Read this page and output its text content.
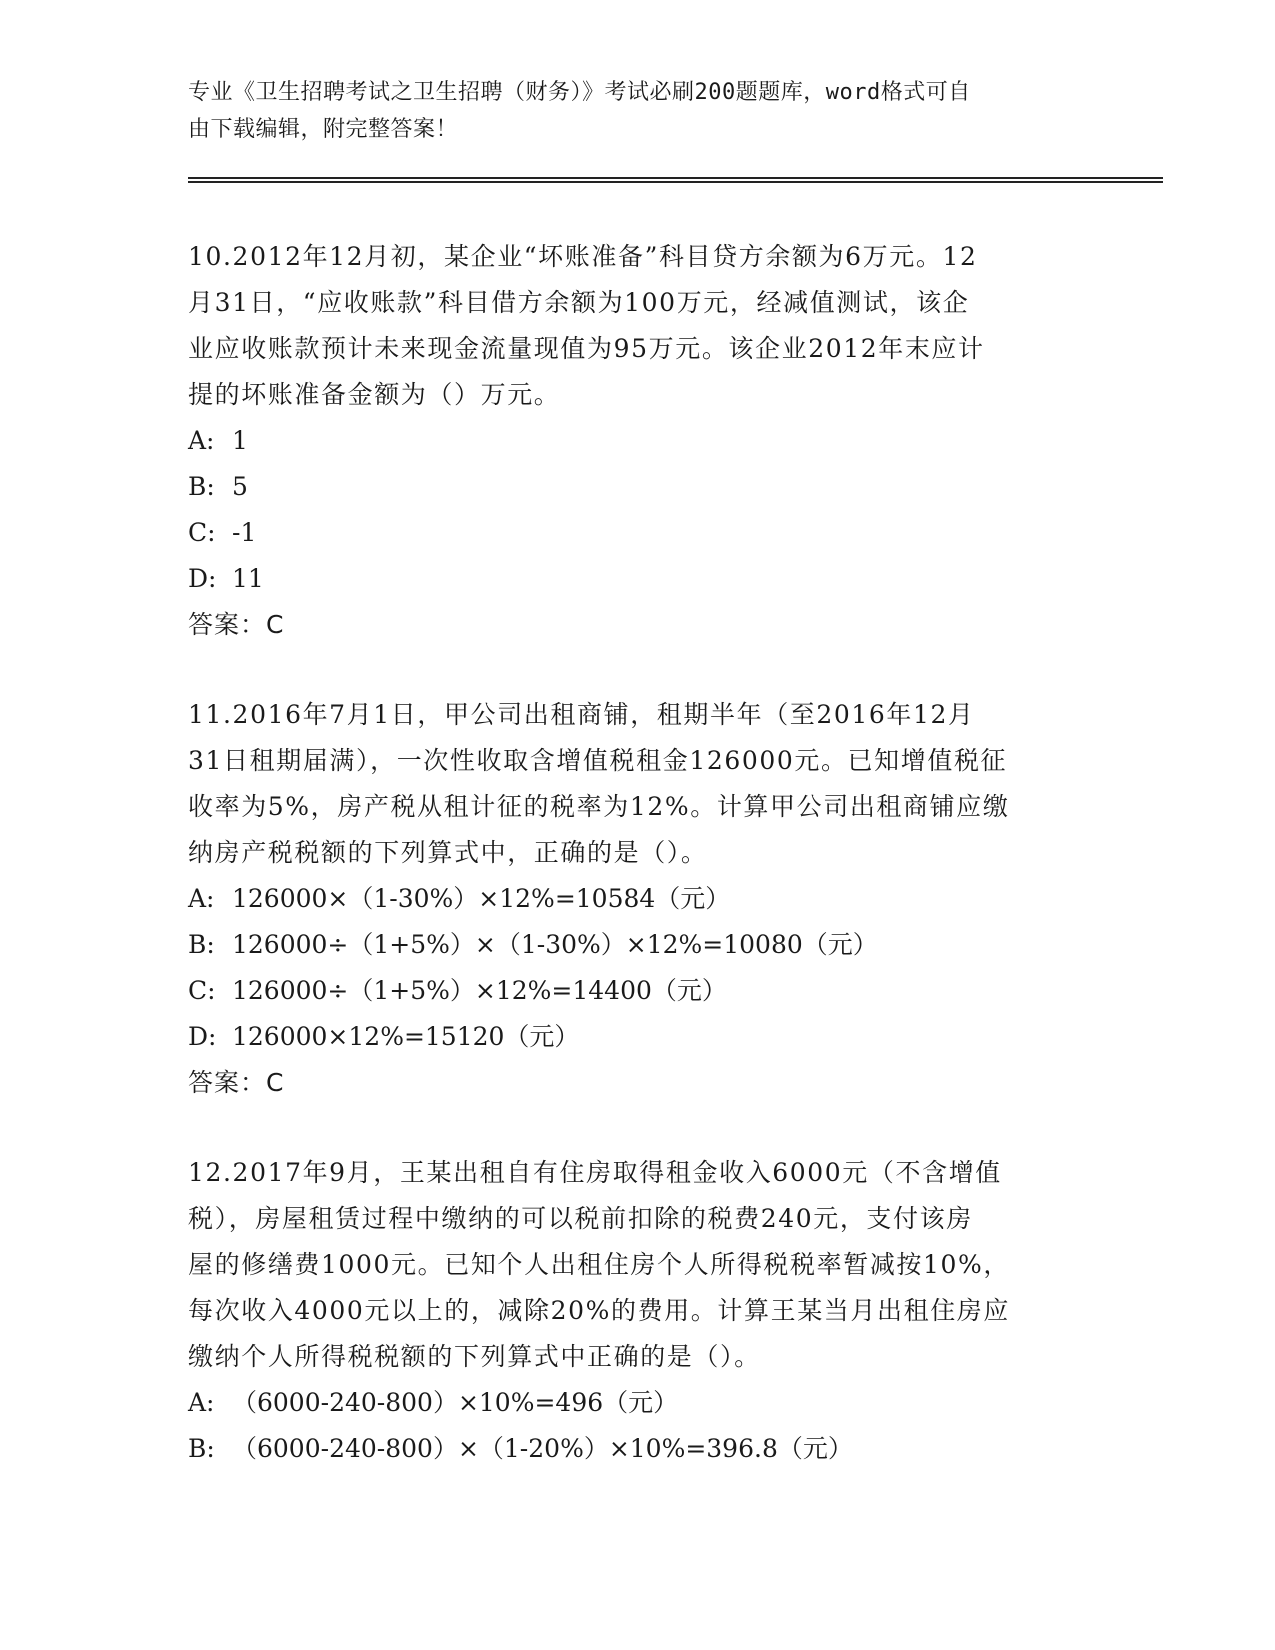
专业《卫生招聘考试之卫生招聘（财务）》考试必刷200题题库，word格式可自
由下载编辑，附完整答案！

10.2012年12月初，某企业“坏账准备”科目贷方余额为6万元。12

月31日，“应收账款”科目借方余额为100万元，经减值测试，该企

业应收账款预计未来现金流量现值为95万元。该企业2012年末应计

提的坏账准备金额为（）万元。

A: 1

B: 5

C: -1

D: 11

答案：C

11.2016年7月1日，甲公司出租商铺，租期半年（至2016年12月

31日租期届满），一次性收取含增值税租金126000元。已知增值税征

收率为5%，房产税从租计征的税率为12%。计算甲公司出租商铺应缴

纳房产税税额的下列算式中，正确的是（）。

A: 126000×（1-30%）×12%=10584（元）

B: 126000÷（1+5%）×（1-30%）×12%=10080（元）

C: 126000÷（1+5%）×12%=14400（元）

D: 126000×12%=15120（元）

答案：C

12.2017年9月，王某出租自有住房取得租金收入6000元（不含增值

税），房屋租赁过程中缴纳的可以税前扣除的税费240元，支付该房

屋的修缮费1000元。已知个人出租住房个人所得税税率暂减按10%，

每次收入4000元以上的，减除20%的费用。计算王某当月出租住房应

缴纳个人所得税税额的下列算式中正确的是（）。

A: （6000-240-800）×10%=496（元）

B: （6000-240-800）×（1-20%）×10%=396.8（元）
